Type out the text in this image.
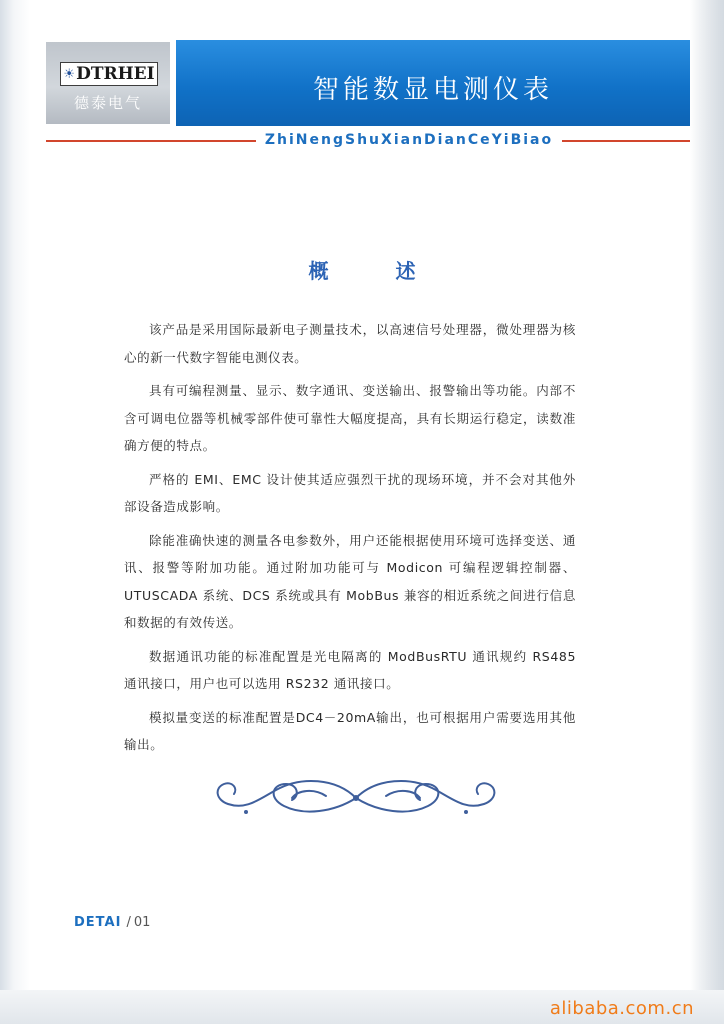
☀ DTRHEI
德泰电气	智能数显电测仪表
ZhiNengShuXianDianCeYiBiao
概 述

该产品是采用国际最新电子测量技术，以高速信号处理器，微处理器为核心的新一代数字智能电测仪表。

具有可编程测量、显示、数字通讯、变送输出、报警输出等功能。内部不含可调电位器等机械零部件使可靠性大幅度提高，具有长期运行稳定，读数准确方便的特点。

严格的 EMI、EMC 设计使其适应强烈干扰的现场环境，并不会对其他外部设备造成影响。

除能准确快速的测量各电参数外，用户还能根据使用环境可选择变送、通讯、报警等附加功能。通过附加功能可与 Modicon 可编程逻辑控制器、UTUSCADA 系统、DCS 系统或具有 MobBus 兼容的相近系统之间进行信息和数据的有效传送。

数据通讯功能的标准配置是光电隔离的 ModBusRTU 通讯规约 RS485 通讯接口，用户也可以选用 RS232 通讯接口。

模拟量变送的标准配置是DC4－20mA输出，也可根据用户需要选用其他输出。

DETAI / 01
alibaba.com.cn
